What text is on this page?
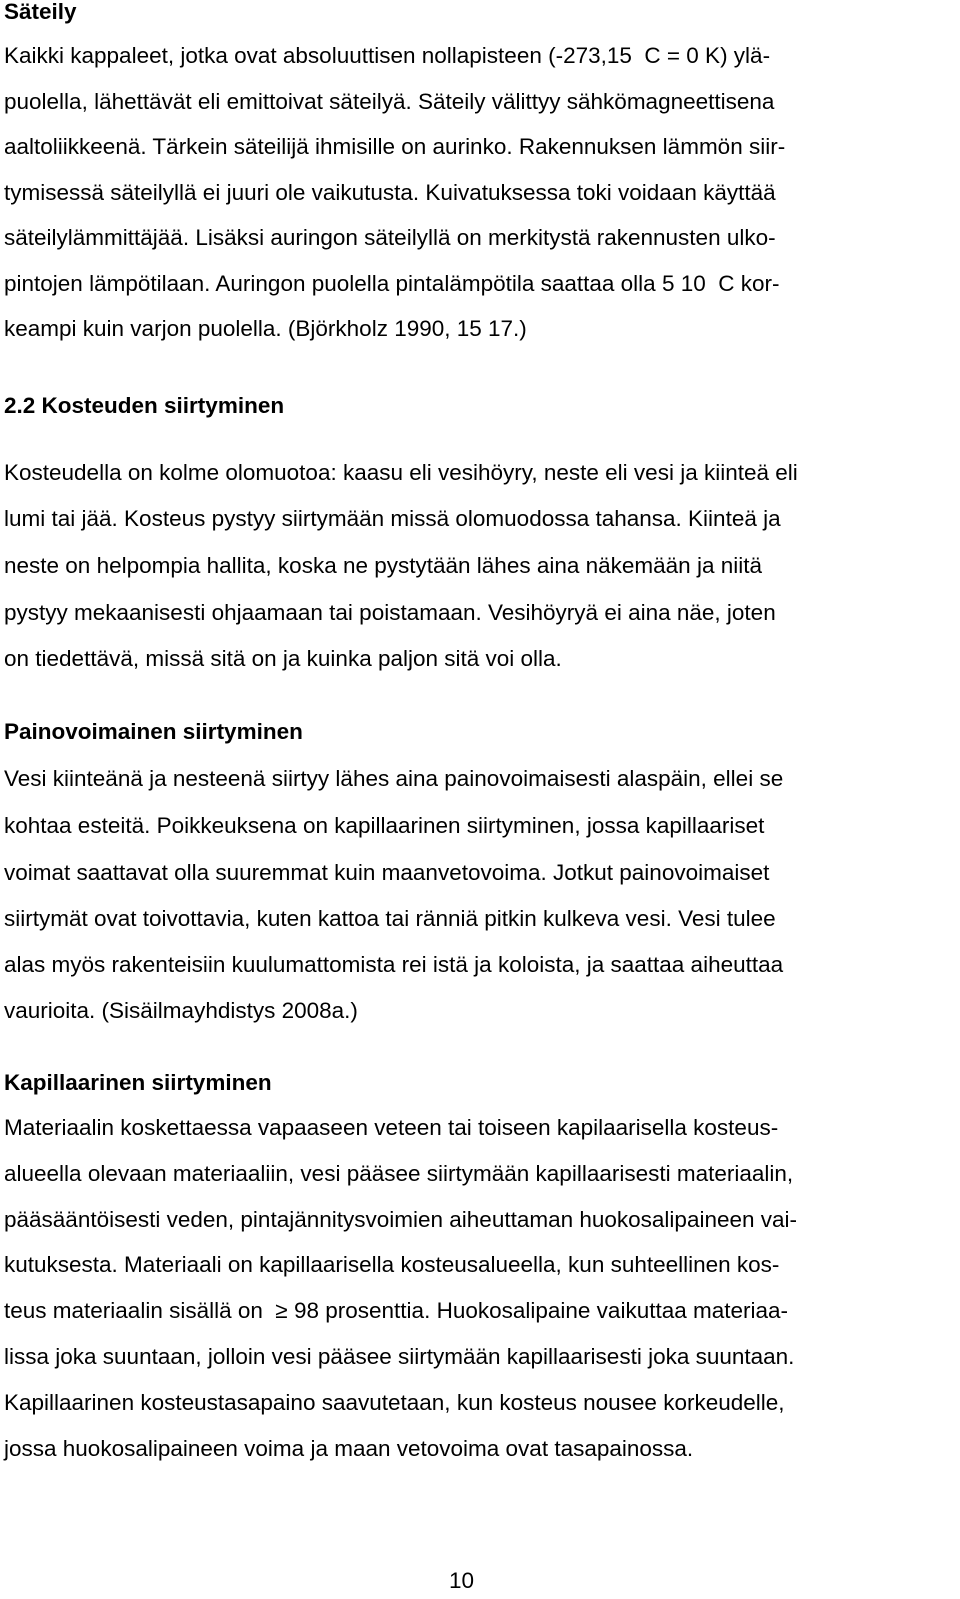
Säteily
Kaikki kappaleet, jotka ovat absoluuttisen nollapisteen (-273,15  C = 0 K) ylä-
puolella, lähettävät eli emittoivat säteilyä. Säteily välittyy sähkömagneettisena
aaltoliikkeenä. Tärkein säteilijä ihmisille on aurinko. Rakennuksen lämmön siir-
tymisessä säteilyllä ei juuri ole vaikutusta. Kuivatuksessa toki voidaan käyttää
säteilylämmittäjää. Lisäksi auringon säteilyllä on merkitystä rakennusten ulko-
pintojen lämpötilaan. Auringon puolella pintalämpötila saattaa olla 5 10  C kor-
keampi kuin varjon puolella. (Björkholz 1990, 15 17.)
2.2 Kosteuden siirtyminen
Kosteudella on kolme olomuotoa: kaasu eli vesihöyry, neste eli vesi ja kiinteä eli
lumi tai jää. Kosteus pystyy siirtymään missä olomuodossa tahansa. Kiinteä ja
neste on helpompia hallita, koska ne pystytään lähes aina näkemään ja niitä
pystyy mekaanisesti ohjaamaan tai poistamaan. Vesihöyryä ei aina näe, joten
on tiedettävä, missä sitä on ja kuinka paljon sitä voi olla.
Painovoimainen siirtyminen
Vesi kiinteänä ja nesteenä siirtyy lähes aina painovoimaisesti alaspäin, ellei se
kohtaa esteitä. Poikkeuksena on kapillaarinen siirtyminen, jossa kapillaariset
voimat saattavat olla suuremmat kuin maanvetovoima. Jotkut painovoimaiset
siirtymät ovat toivottavia, kuten kattoa tai ränniä pitkin kulkeva vesi. Vesi tulee
alas myös rakenteisiin kuulumattomista rei istä ja koloista, ja saattaa aiheuttaa
vaurioita. (Sisäilmayhdistys 2008a.)
Kapillaarinen siirtyminen
Materiaalin koskettaessa vapaaseen veteen tai toiseen kapilaarisella kosteus-
alueella olevaan materiaaliin, vesi pääsee siirtymään kapillaarisesti materiaalin,
pääsääntöisesti veden, pintajännitysvoimien aiheuttaman huokosalipaineen vai-
kutuksesta. Materiaali on kapillaarisella kosteusalueella, kun suhteellinen kos-
teus materiaalin sisällä on  ≥ 98 prosenttia. Huokosalipaine vaikuttaa materiaa-
lissa joka suuntaan, jolloin vesi pääsee siirtymään kapillaarisesti joka suuntaan.
Kapillaarinen kosteustasapaino saavutetaan, kun kosteus nousee korkeudelle,
jossa huokosalipaineen voima ja maan vetovoima ovat tasapainossa.
10
